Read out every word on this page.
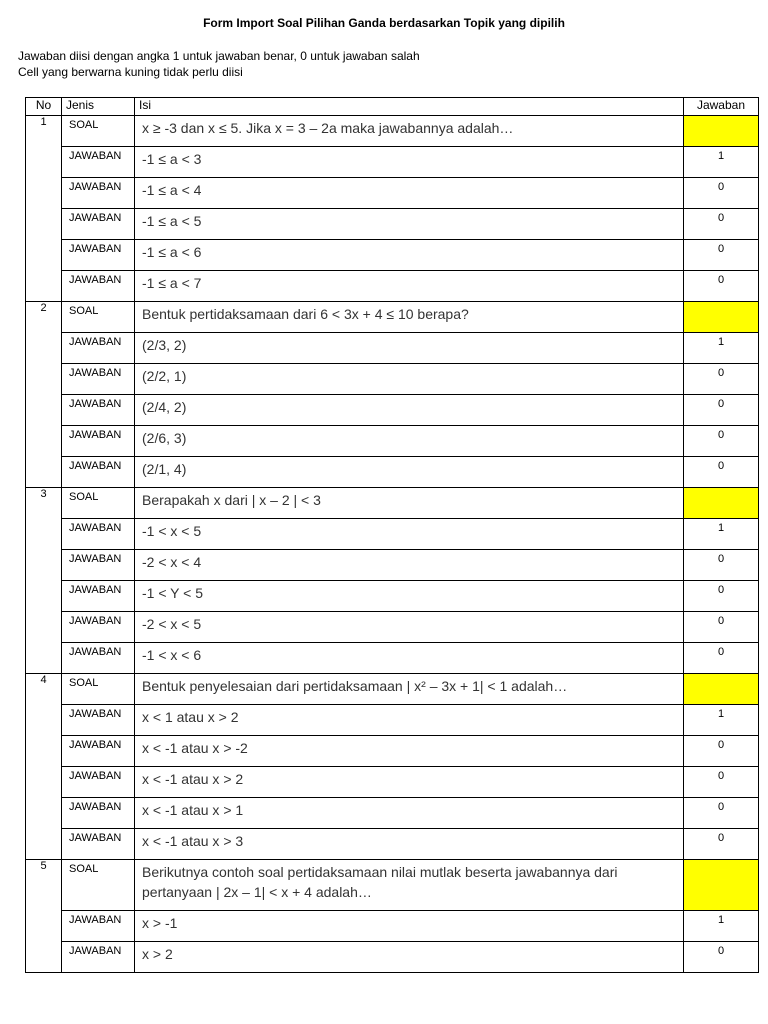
Form Import Soal Pilihan Ganda berdasarkan Topik yang dipilih
Jawaban diisi dengan angka 1 untuk jawaban benar, 0 untuk jawaban salah
Cell yang berwarna kuning tidak perlu diisi
No	Jenis	Isi	Jawaban
1	SOAL	x ≥ -3 dan x ≤ 5. Jika x = 3 – 2a maka jawabannya adalah…	
	JAWABAN	-1 ≤ a < 3	1
	JAWABAN	-1 ≤ a < 4	0
	JAWABAN	-1 ≤ a < 5	0
	JAWABAN	-1 ≤ a < 6	0
	JAWABAN	-1 ≤ a < 7	0
2	SOAL	Bentuk pertidaksamaan dari 6 < 3x + 4 ≤ 10 berapa?	
	JAWABAN	(2/3, 2)	1
	JAWABAN	(2/2, 1)	0
	JAWABAN	(2/4, 2)	0
	JAWABAN	(2/6, 3)	0
	JAWABAN	(2/1, 4)	0
3	SOAL	Berapakah x dari | x – 2 | < 3	
	JAWABAN	-1 < x < 5	1
	JAWABAN	-2 < x < 4	0
	JAWABAN	-1 < Y < 5	0
	JAWABAN	-2 < x < 5	0
	JAWABAN	-1 < x < 6	0
4	SOAL	Bentuk penyelesaian dari pertidaksamaan | x² – 3x + 1| < 1 adalah…	
	JAWABAN	x < 1 atau x > 2	1
	JAWABAN	x < -1 atau x > -2	0
	JAWABAN	x < -1 atau x > 2	0
	JAWABAN	x < -1 atau x > 1	0
	JAWABAN	x < -1 atau x > 3	0
5	SOAL	Berikutnya contoh soal pertidaksamaan nilai mutlak beserta jawabannya dari pertanyaan | 2x – 1| < x + 4 adalah…	
	JAWABAN	x > -1	1
	JAWABAN	x > 2	0
